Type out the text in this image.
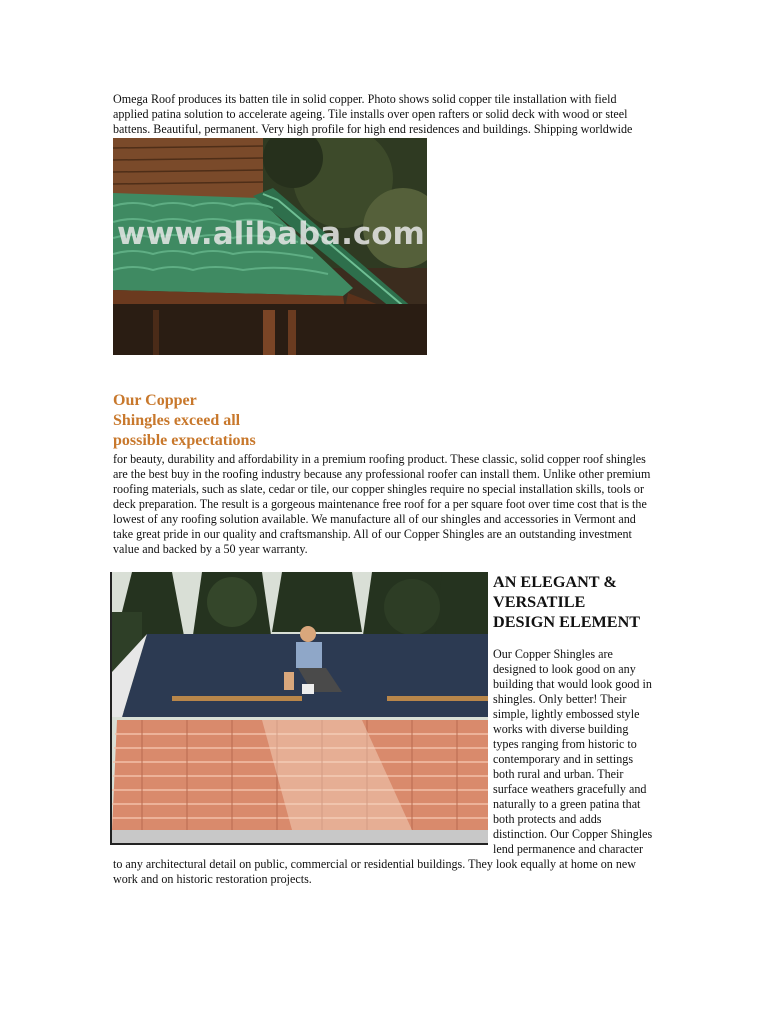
Omega Roof produces its batten tile in solid copper. Photo shows solid copper tile installation with field applied patina solution to accelerate ageing. Tile installs over open rafters or solid deck with wood or steel battens. Beautiful, permanent. Very high profile for high end residences and buildings. Shipping worldwide

www.alibaba.com
Our Copper
Shingles exceed all
possible expectations

for beauty, durability and affordability in a premium roofing product. These classic, solid copper roof shingles are the best buy in the roofing industry because any professional roofer can install them. Unlike other premium roofing materials, such as slate, cedar or tile, our copper shingles require no special installation skills, tools or deck preparation. The result is a gorgeous maintenance free roof for a per square foot over time cost that is the lowest of any roofing solution available. We manufacture all of our shingles and accessories in Vermont and take great pride in our quality and craftsmanship. All of our Copper Shingles are an outstanding investment value and backed by a 50 year warranty.

AN ELEGANT &
VERSATILE
DESIGN ELEMENT

Our Copper Shingles are designed to look good on any building that would look good in shingles. Only better! Their simple, lightly embossed style works with diverse building types ranging from historic to contemporary and in settings both rural and urban. Their surface weathers gracefully and naturally to a green patina that both protects and adds distinction. Our Copper Shingles lend permanence and character to any architectural detail on public, commercial or residential buildings. They look equally at home on new work and on historic restoration projects.
